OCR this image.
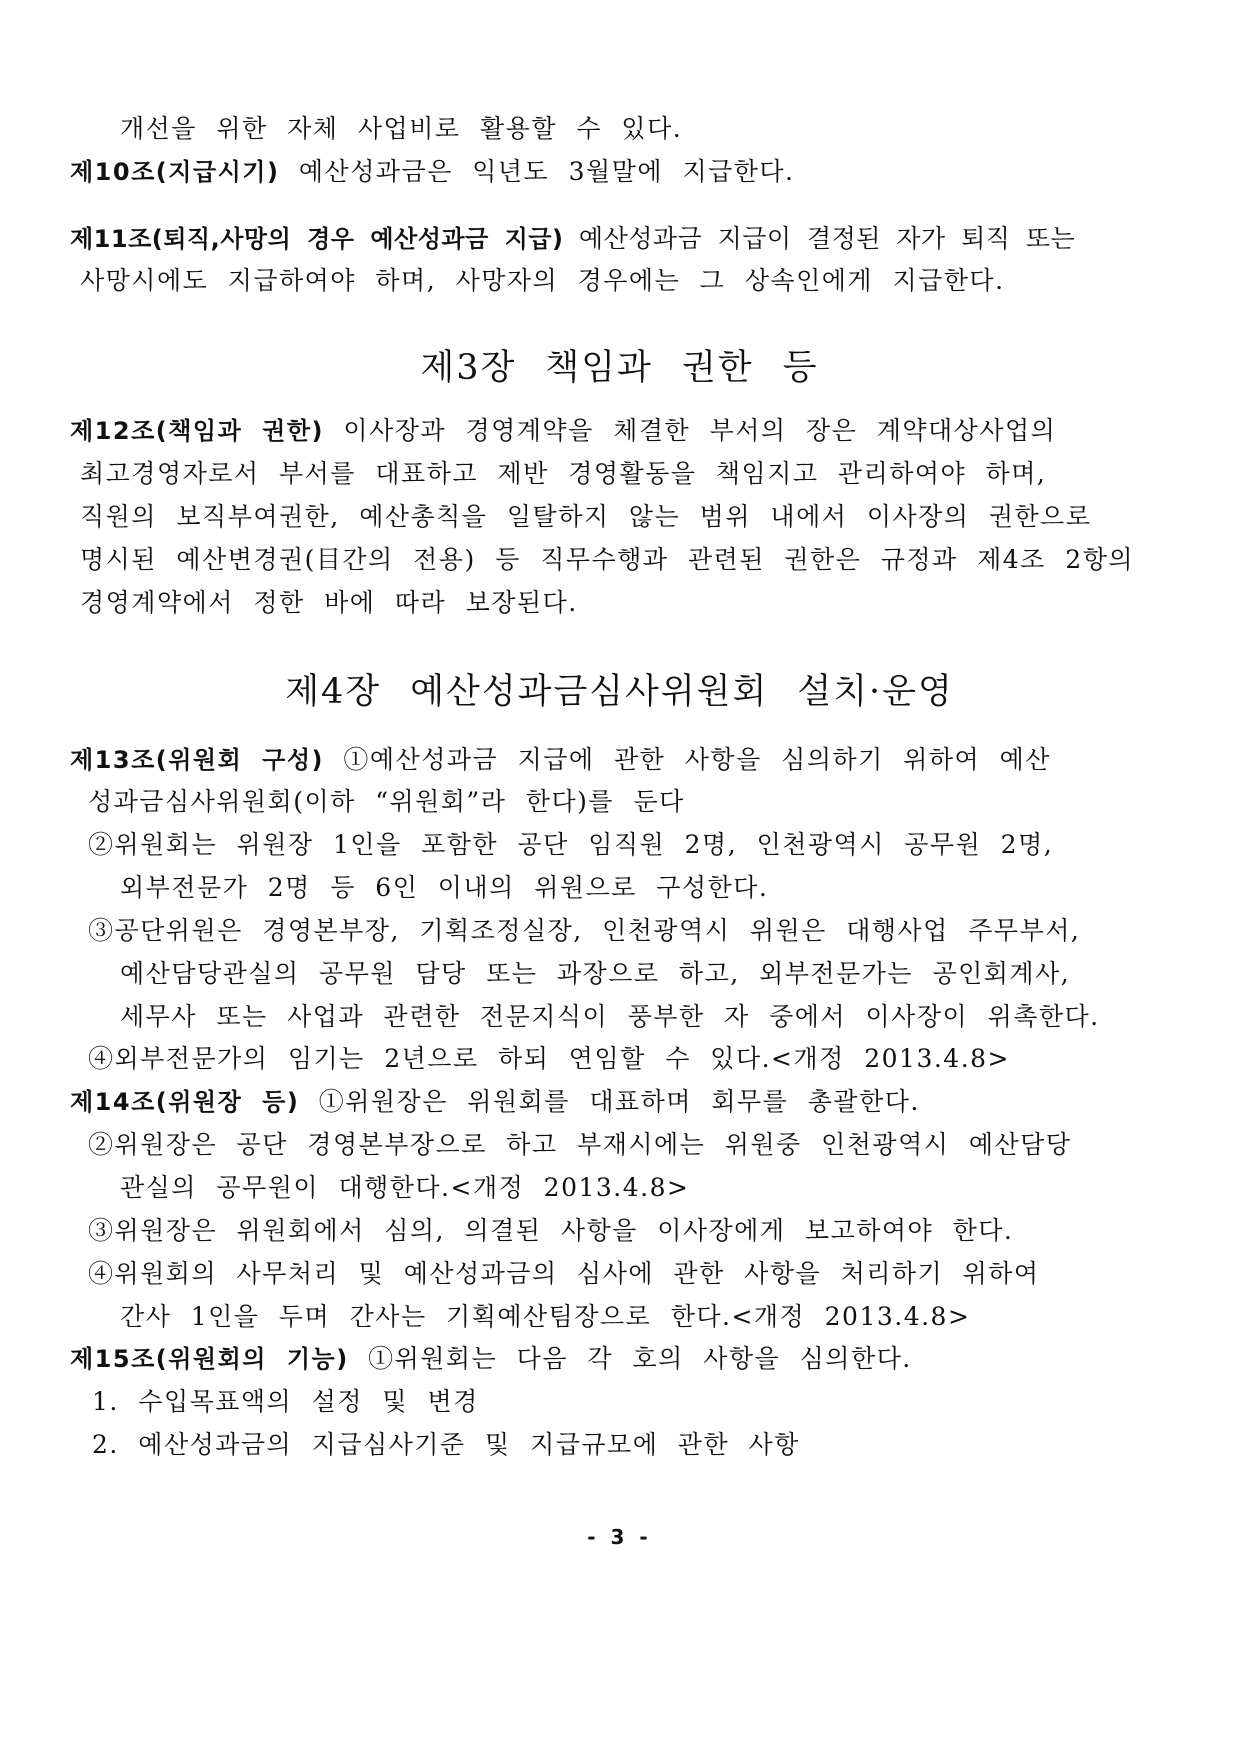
개선을 위한 자체 사업비로 활용할 수 있다.
제10조(지급시기) 예산성과금은 익년도 3월말에 지급한다.
제11조(퇴직,사망의 경우 예산성과금 지급) 예산성과금 지급이 결정된 자가 퇴직 또는
사망시에도 지급하여야 하며, 사망자의 경우에는 그 상속인에게 지급한다.
제3장 책임과 권한 등
제12조(책임과 권한) 이사장과 경영계약을 체결한 부서의 장은 계약대상사업의
최고경영자로서 부서를 대표하고 제반 경영활동을 책임지고 관리하여야 하며,
직원의 보직부여권한, 예산총칙을 일탈하지 않는 범위 내에서 이사장의 권한으로
명시된 예산변경권(目간의 전용) 등 직무수행과 관련된 권한은 규정과 제4조 2항의
경영계약에서 정한 바에 따라 보장된다.
제4장 예산성과금심사위원회 설치·운영
제13조(위원회 구성) ①예산성과금 지급에 관한 사항을 심의하기 위하여 예산
성과금심사위원회(이하 “위원회”라 한다)를 둔다
②위원회는 위원장 1인을 포함한 공단 임직원 2명, 인천광역시 공무원 2명,
외부전문가 2명 등 6인 이내의 위원으로 구성한다.
③공단위원은 경영본부장, 기획조정실장, 인천광역시 위원은 대행사업 주무부서,
예산담당관실의 공무원 담당 또는 과장으로 하고, 외부전문가는 공인회계사,
세무사 또는 사업과 관련한 전문지식이 풍부한 자 중에서 이사장이 위촉한다.
④외부전문가의 임기는 2년으로 하되 연임할 수 있다.<개정 2013.4.8>
제14조(위원장 등) ①위원장은 위원회를 대표하며 회무를 총괄한다.
②위원장은 공단 경영본부장으로 하고 부재시에는 위원중 인천광역시 예산담당
관실의 공무원이 대행한다.<개정 2013.4.8>
③위원장은 위원회에서 심의, 의결된 사항을 이사장에게 보고하여야 한다.
④위원회의 사무처리 및 예산성과금의 심사에 관한 사항을 처리하기 위하여
간사 1인을 두며 간사는 기획예산팀장으로 한다.<개정 2013.4.8>
제15조(위원회의 기능) ①위원회는 다음 각 호의 사항을 심의한다.
1. 수입목표액의 설정 및 변경
2. 예산성과금의 지급심사기준 및 지급규모에 관한 사항
- 3 -
